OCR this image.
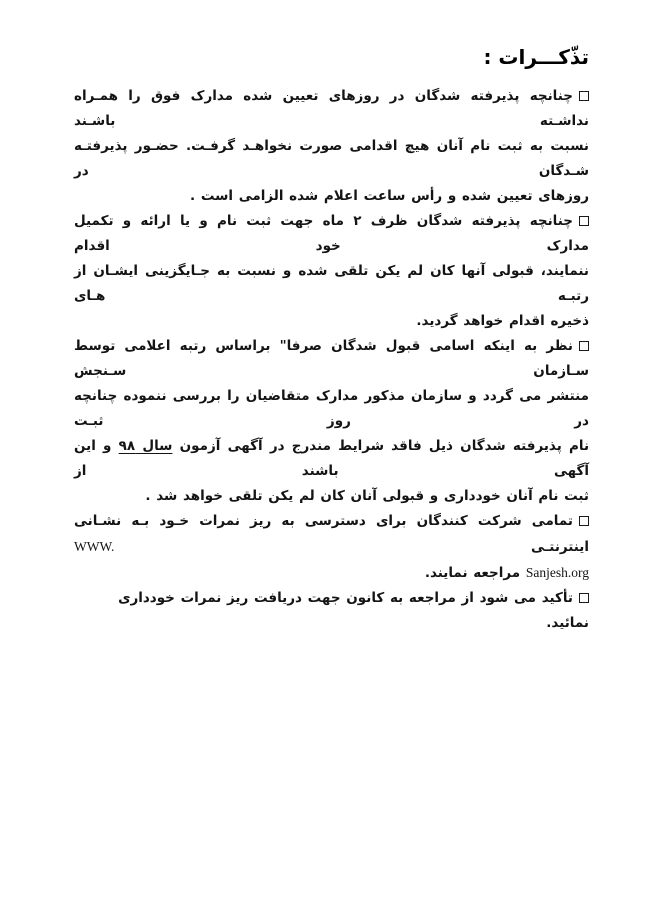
تذّکـــرات :
چنانچه پذیرفته شدگان در روزهای تعیین شده مدارک فوق را همـراه نداشـته باشـند
نسبت به ثبت نام آنان هیچ اقدامی صورت نخواهـد گرفـت. حضـور پذیرفتـه شـدگان در
روزهای تعیین شده و رأس ساعت اعلام شده الزامی است .
چنانچه پذیرفته شدگان ظرف ۲ ماه جهت ثبت نام و یا ارائه و تکمیل مدارک خود اقدام
ننمایند، قبولی آنها کان لم یکن تلقی شده و نسبت به جـایگزینی ایشـان از رتبـه هـای
ذخیره اقدام خواهد گردید.
نظر به اینکه اسامی قبول شدگان صرفا" براساس رتبه اعلامی توسط سـازمان سـنجش
منتشر می گردد و سازمان مذکور مدارک متقاضیان را بررسی ننموده چنانچه در روز ثبـت
نام پذیرفته شدگان ذیل فاقد شرایط مندرج در آگهی آزمون سال ۹۸ و این آگهی باشند از
ثبت نام آنان خودداری و قبولی آنان کان لم یکن تلقی خواهد شد .
تمامی شرکت کنندگان برای دسترسی به ریز نمرات خـود بـه نشـانی اینترنتـی WWW.
Sanjesh.org مراجعه نمایند.
تأکید می شود از مراجعه به کانون جهت دریافت ریز نمرات خودداری نمائید.
